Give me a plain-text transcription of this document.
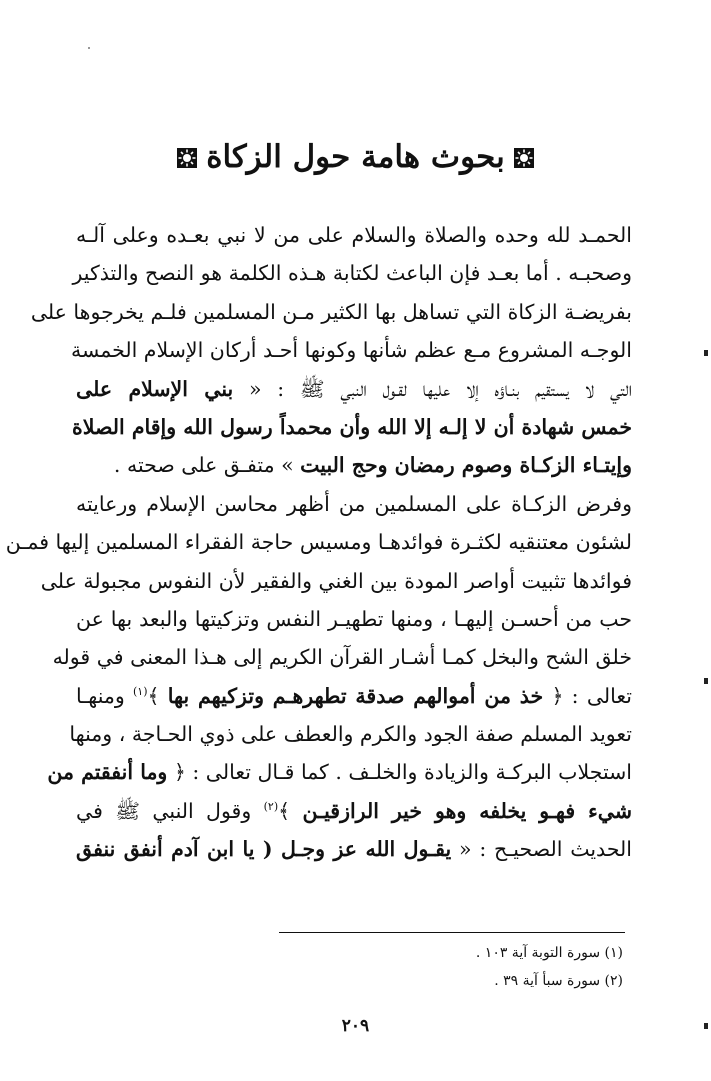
بحوث هامة حول الزكاة
الحمـد لله وحده والصلاة والسلام على من لا نبي بعـده وعلى آلـه
وصحبـه . أما بعـد فإن الباعث لكتابة هـذه الكلمة هو النصح والتذكير
بفريضـة الزكاة التي تساهل بها الكثير مـن المسلمين فلـم يخرجوها على
الوجـه المشروع مـع عظم شأنها وكونها أحـد أركان الإسلام الخمسة
التي لا يستقيم بنـاؤه إلا عليها لقـول النبي ﷺ : « بني الإسلام على
خمس شهادة أن لا إلـه إلا الله وأن محمداً رسول الله وإقام الصلاة
وإيتـاء الزكـاة وصوم رمضان وحج البيت » متفـق على صحته .
وفرض الزكـاة على المسلمين من أظهر محاسن الإسلام ورعايته
لشئون معتنقيه لكثـرة فوائدهـا ومسيس حاجة الفقراء المسلمين إليها فمـن
فوائدها تثبيت أواصر المودة بين الغني والفقير لأن النفوس مجبولة على
حب من أحسـن إليهـا ، ومنها تطهيـر النفس وتزكيتها والبعد بها عن
خلق الشح والبخل كمـا أشـار القرآن الكريم إلى هـذا المعنى في قوله
تعالى : ﴿ خذ من أموالهم صدقة تطهرهـم وتزكيهم بها ﴾$^{(١)}$ ومنهـا
تعويد المسلم صفة الجود والكرم والعطف على ذوي الحـاجة ، ومنها
استجلاب البركـة والزيادة والخلـف . كما قـال تعالى : ﴿ وما أنفقتم من
شيء فهـو يخلفه وهو خير الرازقيـن ﴾$^{(٢)}$ وقول النبي ﷺ في
الحديث الصحيـح : « يقـول الله عز وجـل ( يا ابن آدم أنفق ننفق
(١) سورة التوبة آية ١٠٣ .
(٢) سورة سبأ آية ٣٩ .
٢٠٩
